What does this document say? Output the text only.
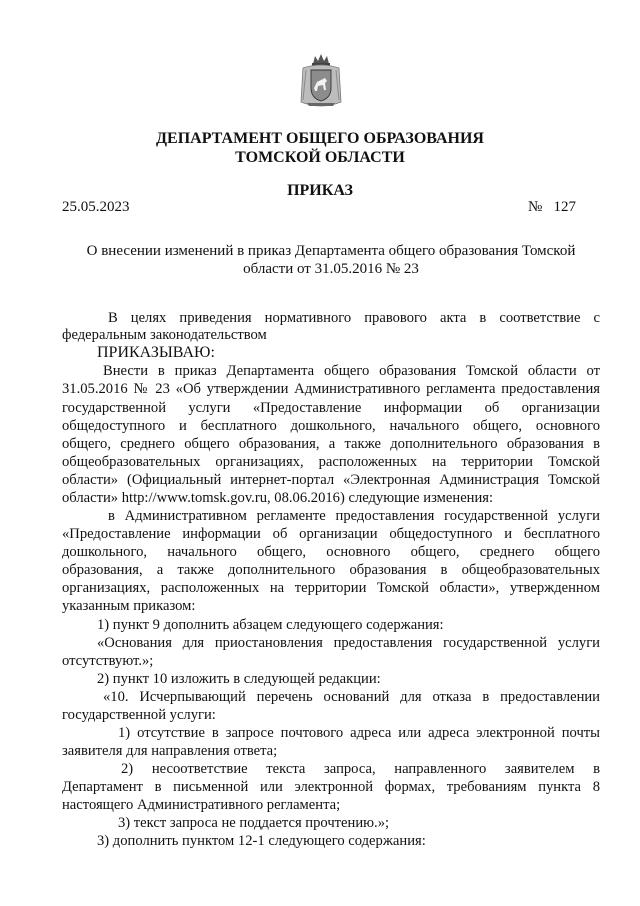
ДЕПАРТАМЕНТ ОБЩЕГО ОБРАЗОВАНИЯ
ТОМСКОЙ ОБЛАСТИ
ПРИКАЗ
25.05.2023	№   127
О внесении изменений в приказ Департамента общего образования Томской
области от 31.05.2016 № 23
В целях приведения нормативного правового акта в соответствие с
федеральным законодательством
ПРИКАЗЫВАЮ:
Внести в приказ Департамента общего образования Томской области от
31.05.2016 № 23 «Об утверждении Административного регламента предоставления
государственной услуги «Предоставление информации об организации
общедоступного и бесплатного дошкольного, начального общего, основного
общего, среднего общего образования, а также дополнительного образования в
общеобразовательных организациях, расположенных на территории Томской
области» (Официальный интернет-портал «Электронная Администрация Томской
области» http://www.tomsk.gov.ru, 08.06.2016) следующие изменения:
в Административном регламенте предоставления государственной услуги
«Предоставление информации об организации общедоступного и бесплатного
дошкольного, начального общего, основного общего, среднего общего
образования, а также дополнительного образования в общеобразовательных
организациях, расположенных на территории Томской области», утвержденном
указанным приказом:
1) пункт 9 дополнить абзацем следующего содержания:
«Основания для приостановления предоставления государственной услуги
отсутствуют.»;
2) пункт 10 изложить в следующей редакции:
«10. Исчерпывающий перечень оснований для отказа в предоставлении
государственной услуги:
1) отсутствие в запросе почтового адреса или адреса электронной почты
заявителя для направления ответа;
2) несоответствие текста запроса, направленного заявителем в
Департамент в письменной или электронной формах, требованиям пункта 8
настоящего Административного регламента;
3) текст запроса не поддается прочтению.»;
3) дополнить пунктом 12-1 следующего содержания:
